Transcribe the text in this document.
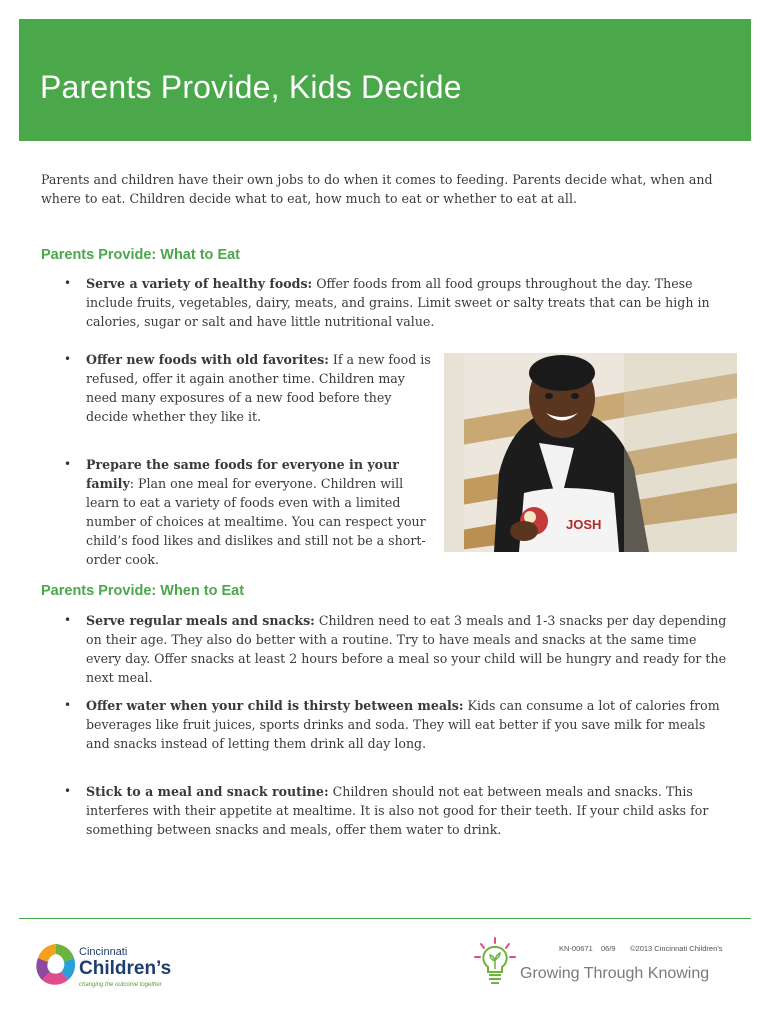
Parents Provide, Kids Decide

Parents and children have their own jobs to do when it comes to feeding. Parents decide what, when and where to eat. Children decide what to eat, how much to eat or whether to eat at all.

Parents Provide: What to Eat

• Serve a variety of healthy foods: Offer foods from all food groups throughout the day. These include fruits, vegetables, dairy, meats, and grains. Limit sweet or salty treats that can be high in calories, sugar or salt and have little nutritional value.

• Offer new foods with old favorites: If a new food is refused, offer it again another time. Children may need many exposures of a new food before they decide whether they like it.

• Prepare the same foods for everyone in your family: Plan one meal for everyone. Children will learn to eat a variety of foods even with a limited number of choices at mealtime. You can respect your child’s food likes and dislikes and still not be a short-order cook.

JOSH
Parents Provide: When to Eat

• Serve regular meals and snacks: Children need to eat 3 meals and 1-3 snacks per day depending on their age. They also do better with a routine. Try to have meals and snacks at the same time every day. Offer snacks at least 2 hours before a meal so your child will be hungry and ready for the next meal.

• Offer water when your child is thirsty between meals: Kids can consume a lot of calories from beverages like fruit juices, sports drinks and soda. They will eat better if you save milk for meals and snacks instead of letting them drink all day long.

• Stick to a meal and snack routine: Children should not eat between meals and snacks. This interferes with their appetite at mealtime. It is also not good for their teeth. If your child asks for something between snacks and meals, offer them water to drink.

Cincinnati
Children’s
changing the outcome together
KN-00671 06/9 ©2013 Cincinnati Children’s
Growing Through Knowing
